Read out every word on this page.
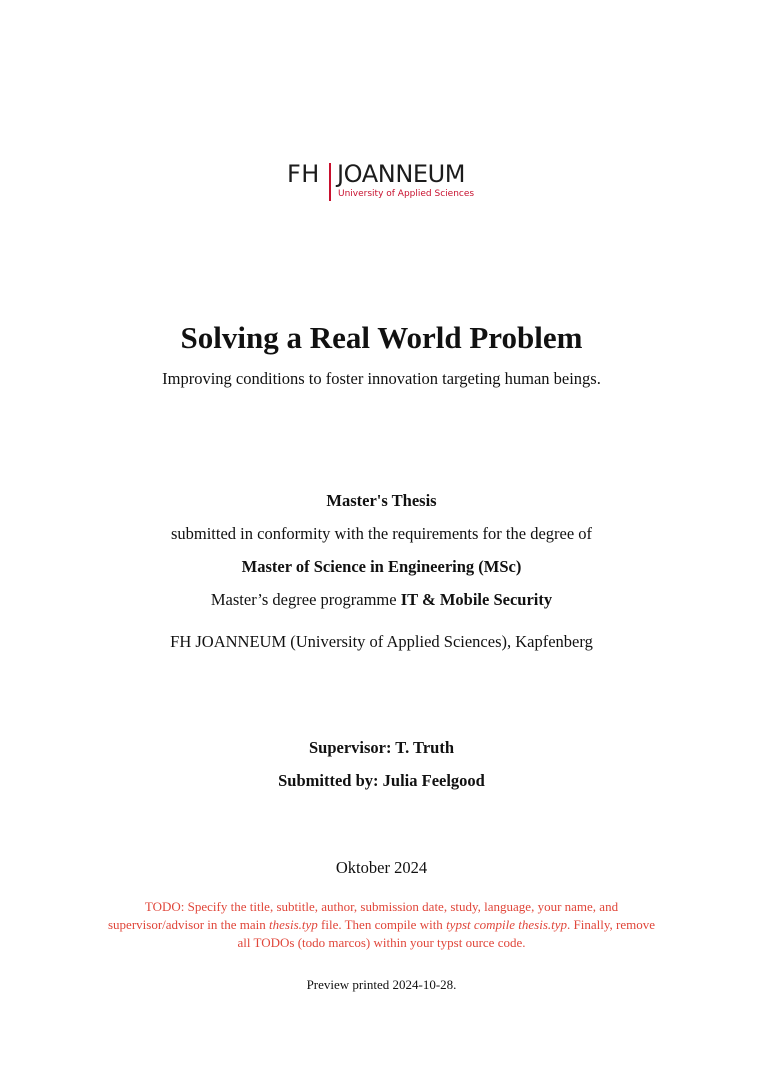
FH JOANNEUM
University of Applied Sciences
Solving a Real World Problem
Improving conditions to foster innovation targeting human beings.
Master's Thesis
submitted in conformity with the requirements for the degree of
Master of Science in Engineering (MSc)
Master’s degree programme IT & Mobile Security
FH JOANNEUM (University of Applied Sciences), Kapfenberg
Supervisor: T. Truth
Submitted by: Julia Feelgood
Oktober 2024
TODO: Specify the title, subtitle, author, submission date, study, language, your name, and supervisor/advisor in the main thesis.typ file. Then compile with typst compile thesis.typ. Finally, remove all TODOs (todo marcos) within your typst ource code.
Preview printed 2024-10-28.
